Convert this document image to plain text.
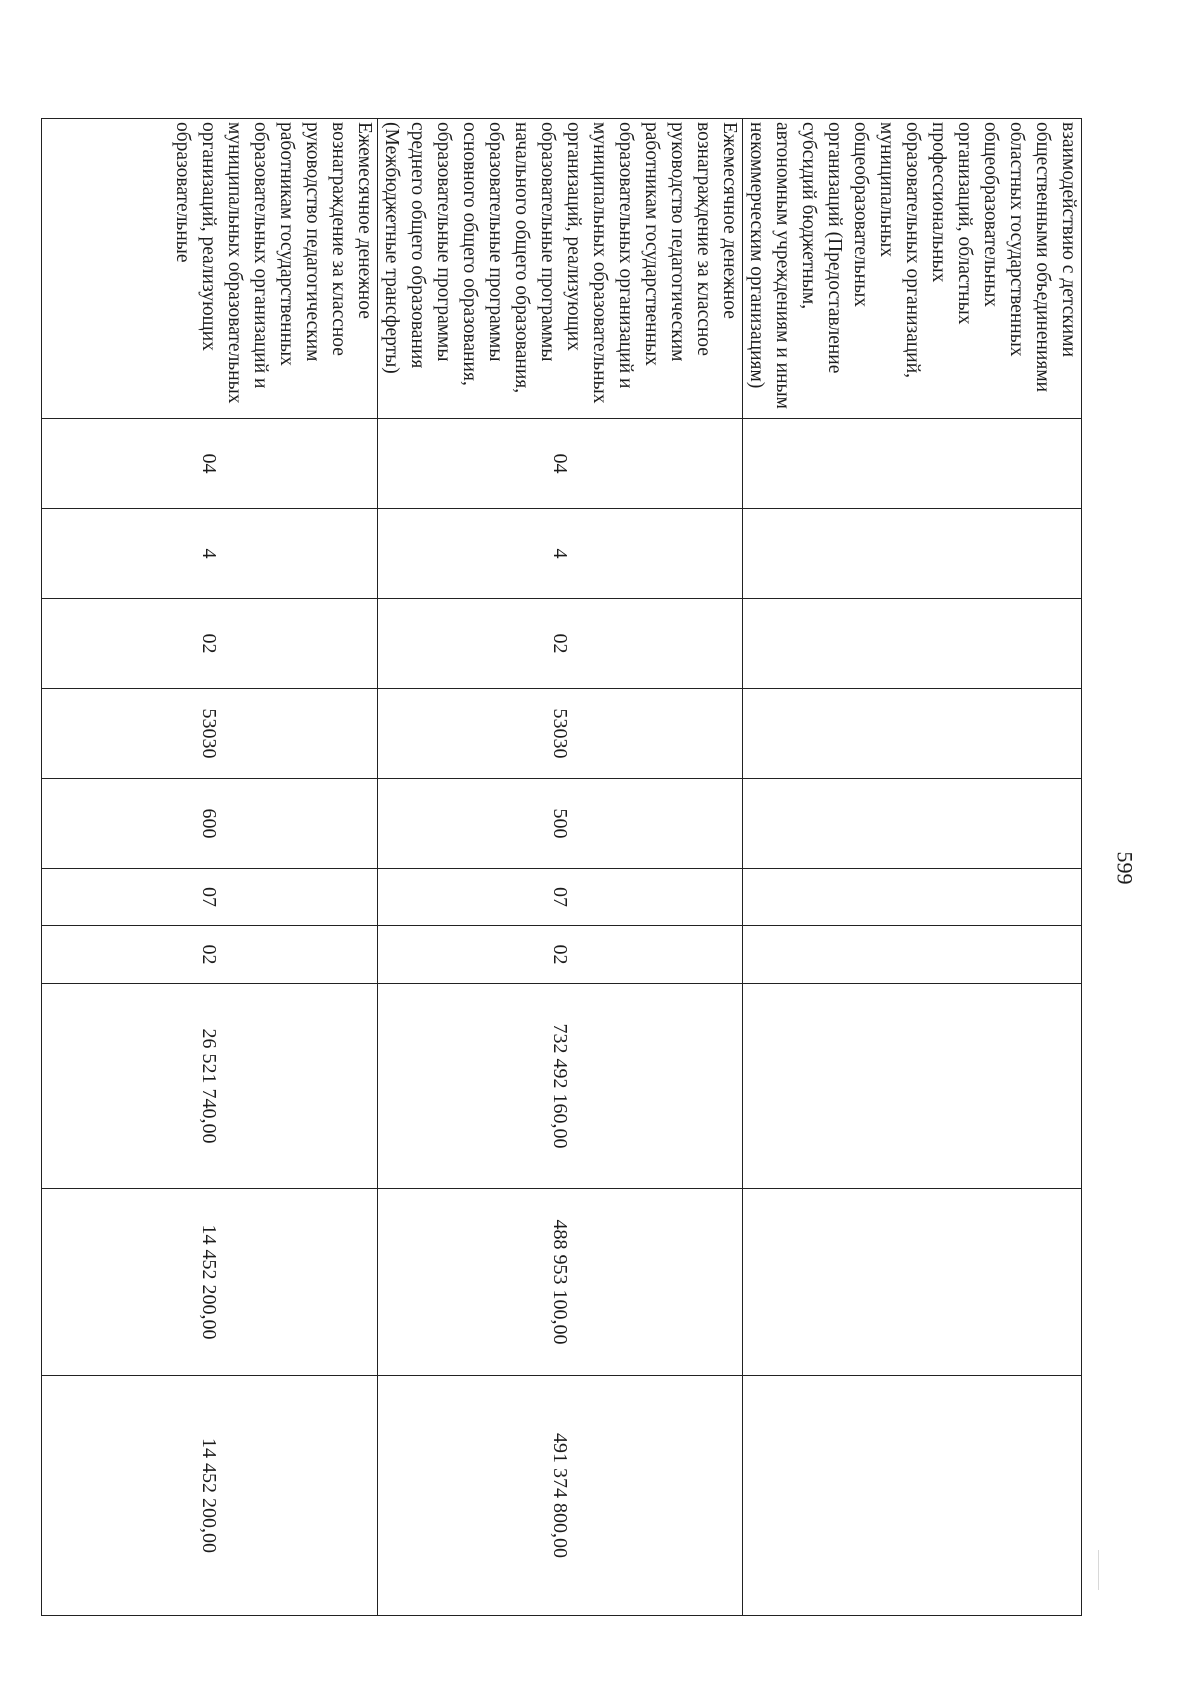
599
взаимодействию с детскими общественными объединениями областных государственных общеобразовательных организаций, областных профессиональных образовательных организаций, муниципальных общеобразовательных организаций (Предоставление субсидий бюджетным, автономным учреждениям и иным некоммерческим организациям)										
Ежемесячное денежное вознаграждение за классное руководство педагогическим работникам государственных образовательных организаций и муниципальных образовательных организаций, реализующих образовательные программы начального общего образования, образовательные программы основного общего образования, образовательные программы среднего общего образования (Межбюджетные трансферты)	04	4	02	53030	500	07	02	732 492 160,00	488 953 100,00	491 374 800,00
Ежемесячное денежное вознаграждение за классное руководство педагогическим работникам государственных образовательных организаций и муниципальных образовательных организаций, реализующих образовательные	04	4	02	53030	600	07	02	26 521 740,00	14 452 200,00	14 452 200,00
